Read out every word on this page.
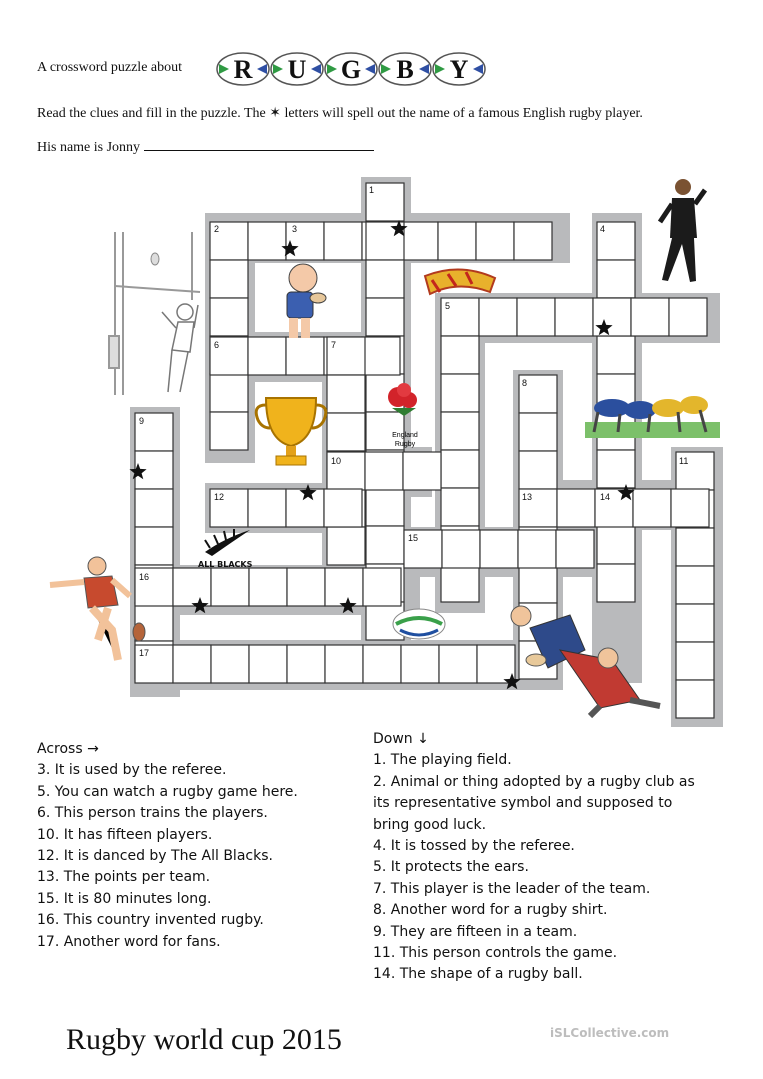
A crossword puzzle about R U G B Y
Read the clues and fill in the puzzle. The ✶ letters will spell out the name of a famous English rugby player.
His name is Jonny
1
2	3	4
5
6	7
8
9
10	11
12	13	14
15
16
17
England
Rugby
ALL BLACKS

Across →

3. It is used by the referee.

5. You can watch a rugby game here.

6. This person trains the players.

10. It has fifteen players.

12. It is danced by The All Blacks.

13. The points per team.

15. It is 80 minutes long.

16. This country invented rugby.

17. Another word for fans.

Down ↓

1. The playing field.

2. Animal or thing adopted by a rugby club as its representative symbol and supposed to bring good luck.

4. It is tossed by the referee.

5. It protects the ears.

7. This player is the leader of the team.

8. Another word for a rugby shirt.

9. They are fifteen in a team.

11. This person controls the game.

14. The shape of a rugby ball.

Rugby world cup 2015	iSLCollective.com
